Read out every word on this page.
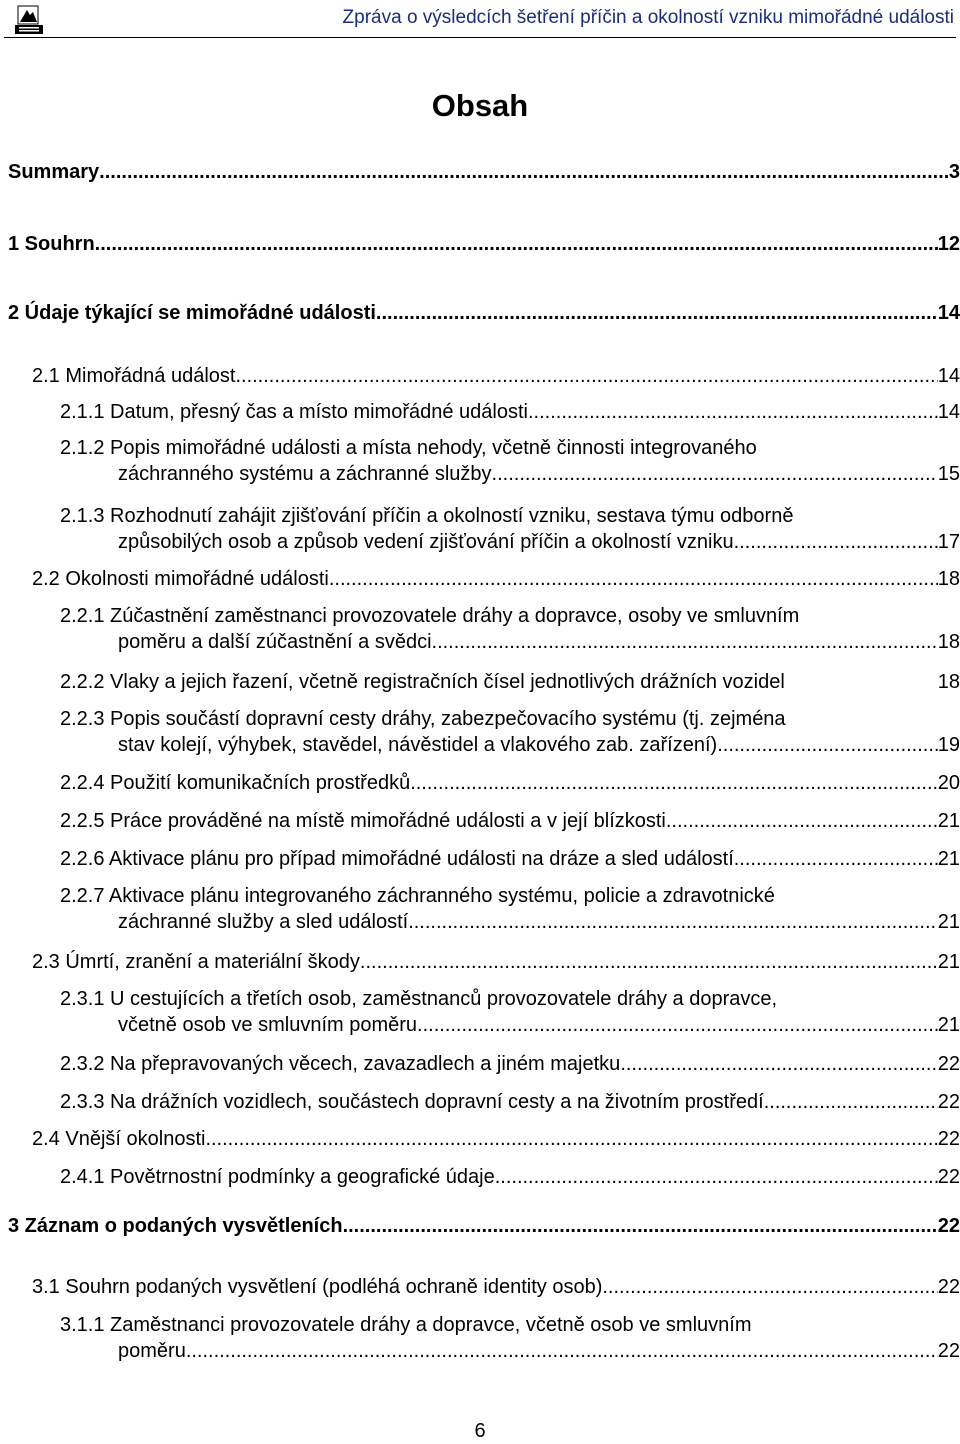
Zpráva o výsledcích šetření příčin a okolností vzniku mimořádné události
Obsah
Summary .....	3
1 Souhrn .....	12
2 Údaje týkající se mimořádné události .....	14
2.1 Mimořádná událost .....	14
2.1.1 Datum, přesný čas a místo mimořádné události .....	14
2.1.2 Popis mimořádné události a místa nehody, včetně činnosti integrovaného
záchranného systému a záchranné služby .....	15
2.1.3 Rozhodnutí zahájit zjišťování příčin a okolností vzniku, sestava týmu odborně
způsobilých osob a způsob vedení zjišťování příčin a okolností vzniku .....	17
2.2 Okolnosti mimořádné události .....	18
2.2.1 Zúčastnění zaměstnanci provozovatele dráhy a dopravce, osoby ve smluvním
poměru a další zúčastnění a svědci .....	18
2.2.2 Vlaky a jejich řazení, včetně registračních čísel jednotlivých drážních vozidel	18
2.2.3 Popis součástí dopravní cesty dráhy, zabezpečovacího systému (tj. zejména
stav kolejí, výhybek, stavědel, návěstidel a vlakového zab. zařízení) .....	19
2.2.4 Použití komunikačních prostředků .....	20
2.2.5 Práce prováděné na místě mimořádné události a v její blízkosti .....	21
2.2.6 Aktivace plánu pro případ mimořádné události na dráze a sled událostí .....	21
2.2.7 Aktivace plánu integrovaného záchranného systému, policie a zdravotnické
záchranné služby a sled událostí .....	21
2.3 Úmrtí, zranění a materiální škody .....	21
2.3.1 U cestujících a třetích osob, zaměstnanců provozovatele dráhy a dopravce,
včetně osob ve smluvním poměru .....	21
2.3.2 Na přepravovaných věcech, zavazadlech a jiném majetku .....	22
2.3.3 Na drážních vozidlech, součástech dopravní cesty a na životním prostředí .....	22
2.4 Vnější okolnosti .....	22
2.4.1 Povětrnostní podmínky a geografické údaje .....	22
3 Záznam o podaných vysvětleních .....	22
3.1 Souhrn podaných vysvětlení (podléhá ochraně identity osob) .....	22
3.1.1 Zaměstnanci provozovatele dráhy a dopravce, včetně osob ve smluvním
poměru .....	22
6
